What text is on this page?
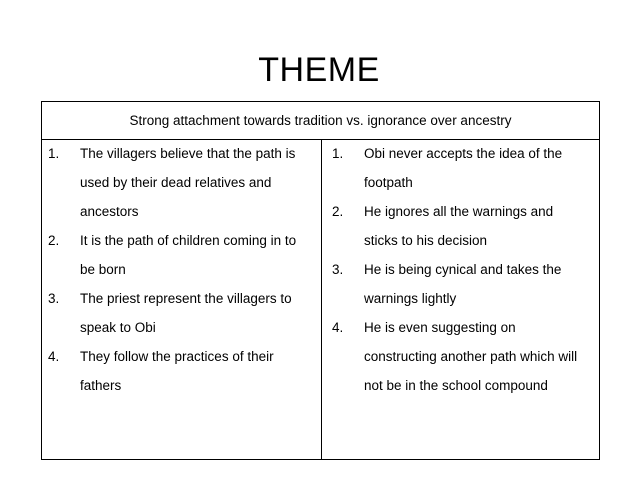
THEME
Strong attachment towards tradition vs. ignorance over ancestry
1. The villagers believe that the path is
used by their dead relatives and
ancestors
2. It is the path of children coming in to
be born
3. The priest represent the villagers to
speak to Obi
4. They follow the practices of their
fathers
1. Obi never accepts the idea of the
footpath
2. He ignores all the warnings and
sticks to his decision
3. He is being cynical and takes the
warnings lightly
4. He is even suggesting on
constructing another path which will
not be in the school compound
